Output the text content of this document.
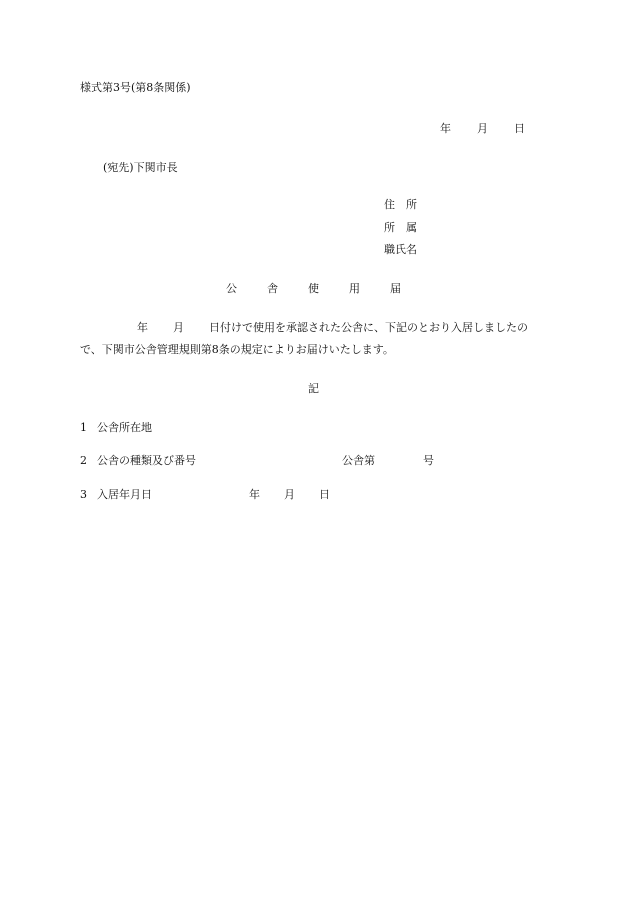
様式第3号(第8条関係)
年 月 日
(宛先)下関市長
住　所
所　属
職氏名
公	舎	使	用	届
年 月 日付けで使用を承認された公舎に、下記のとおり入居しましたの
で、下関市公舎管理規則第8条の規定によりお届けいたします。
記
1 公舎所在地
2 公舎の種類及び番号	公舎第	号
3 入居年月日	年 月 日
